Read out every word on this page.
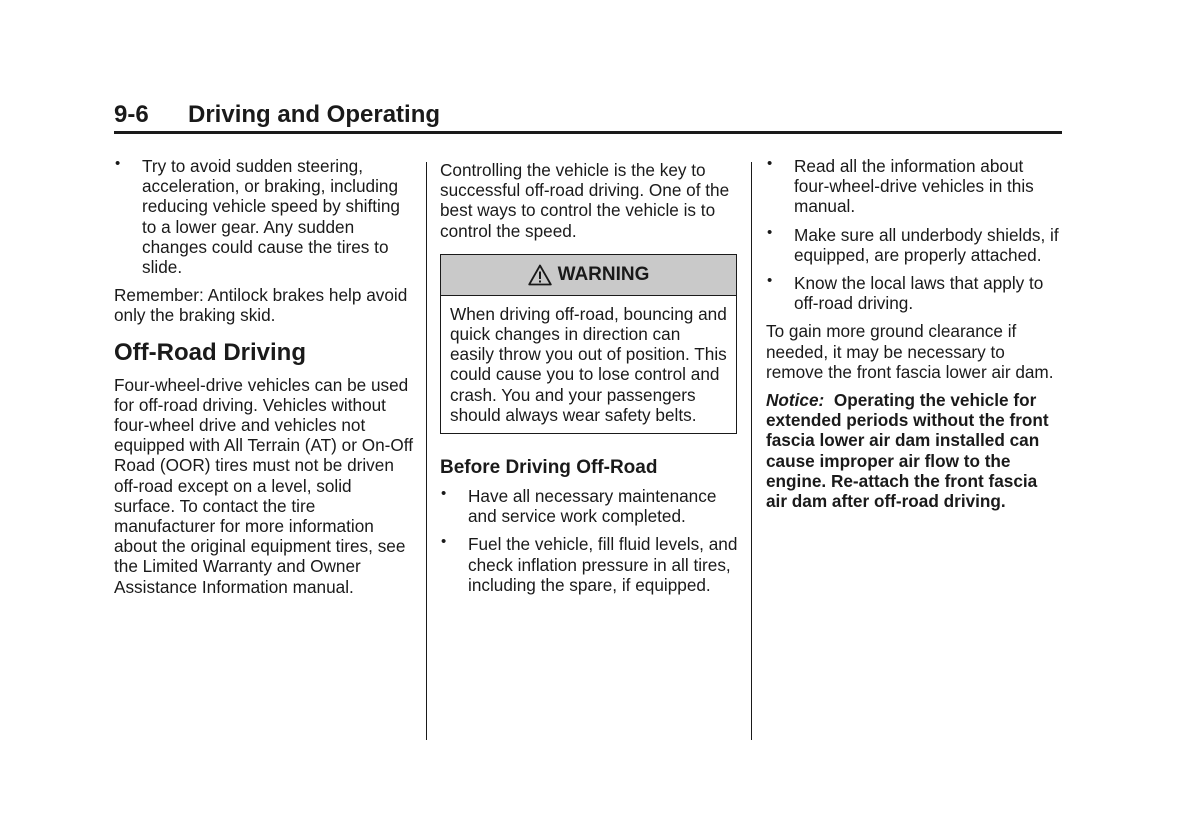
9-6 Driving and Operating

• Try to avoid sudden steering, acceleration, or braking, including reducing vehicle speed by shifting to a lower gear. Any sudden changes could cause the tires to slide.

Remember: Antilock brakes help avoid only the braking skid.

Off-Road Driving

Four-wheel-drive vehicles can be used for off-road driving. Vehicles without four-wheel drive and vehicles not equipped with All Terrain (AT) or On-Off Road (OOR) tires must not be driven off-road except on a level, solid surface. To contact the tire manufacturer for more information about the original equipment tires, see the Limited Warranty and Owner Assistance Information manual.

Controlling the vehicle is the key to successful off-road driving. One of the best ways to control the vehicle is to control the speed.

WARNING
When driving off-road, bouncing and quick changes in direction can easily throw you out of position. This could cause you to lose control and crash. You and your passengers should always wear safety belts.
Before Driving Off-Road

• Have all necessary maintenance and service work completed.

• Fuel the vehicle, fill fluid levels, and check inflation pressure in all tires, including the spare, if equipped.

• Read all the information about four-wheel-drive vehicles in this manual.

• Make sure all underbody shields, if equipped, are properly attached.

• Know the local laws that apply to off-road driving.

To gain more ground clearance if needed, it may be necessary to remove the front fascia lower air dam.

Notice: Operating the vehicle for extended periods without the front fascia lower air dam installed can cause improper air flow to the engine. Re-attach the front fascia air dam after off-road driving.
